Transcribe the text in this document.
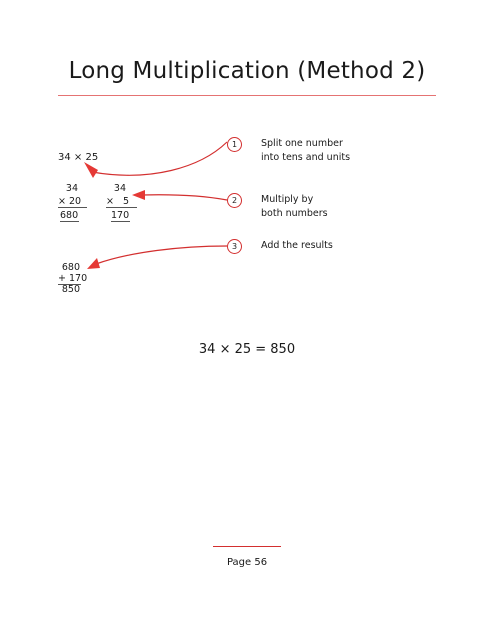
Long Multiplication (Method 2)
34 × 25
34
× 20
680
34
×   5
170
680
+ 170
850
1	Split one number
into tens and units
2	Multiply by
both numbers
3	Add the results
34 × 25 = 850
Page 56
